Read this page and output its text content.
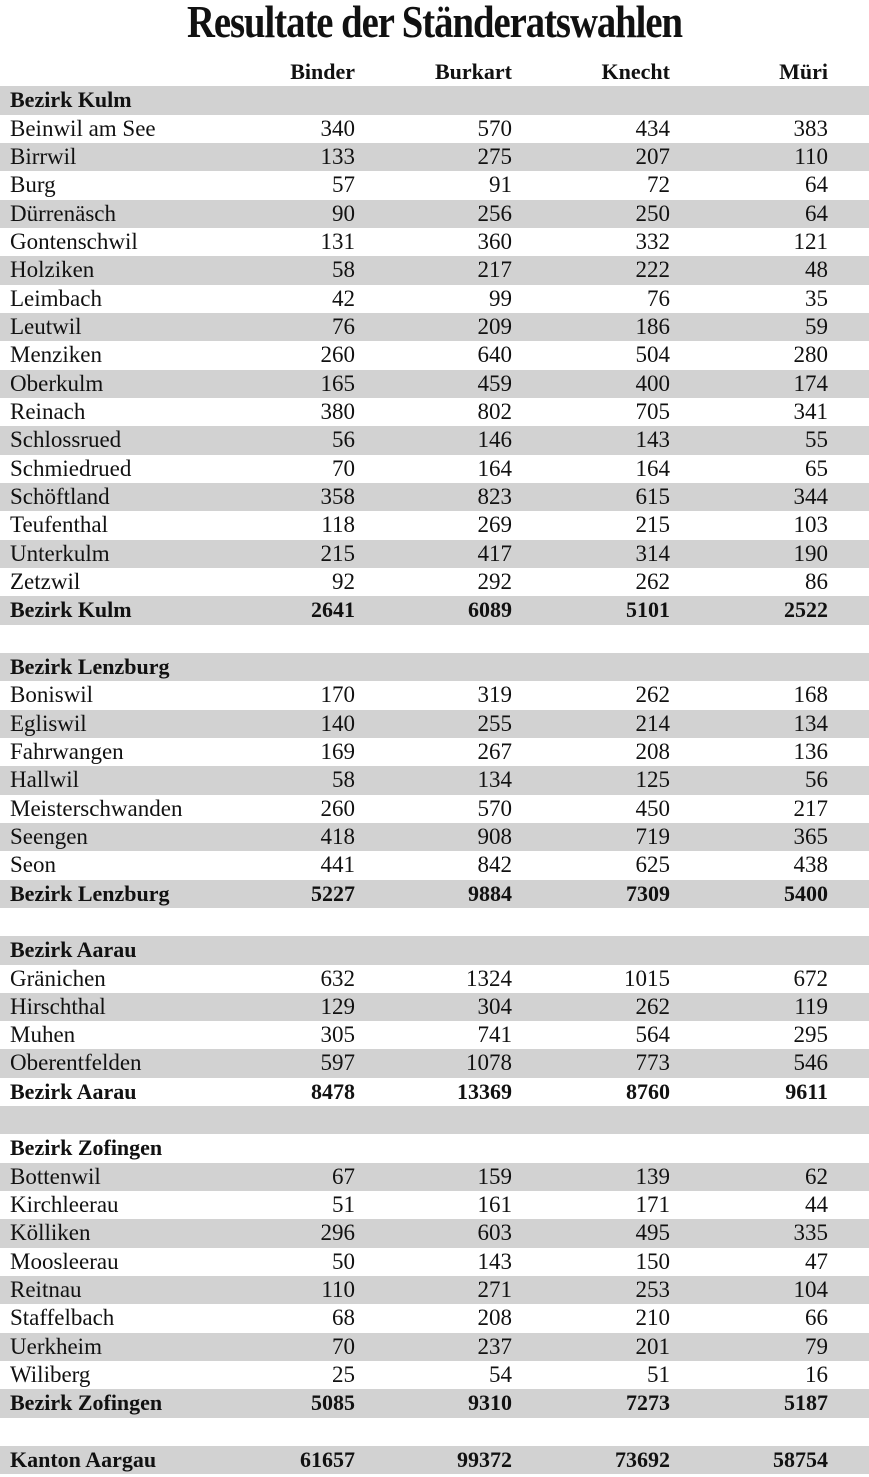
Resultate der Ständeratswahlen
Binder	Burkart	Knecht	Müri
Bezirk Kulm
Beinwil am See	340	570	434	383
Birrwil	133	275	207	110
Burg	57	91	72	64
Dürrenäsch	90	256	250	64
Gontenschwil	131	360	332	121
Holziken	58	217	222	48
Leimbach	42	99	76	35
Leutwil	76	209	186	59
Menziken	260	640	504	280
Oberkulm	165	459	400	174
Reinach	380	802	705	341
Schlossrued	56	146	143	55
Schmiedrued	70	164	164	65
Schöftland	358	823	615	344
Teufenthal	118	269	215	103
Unterkulm	215	417	314	190
Zetzwil	92	292	262	86
Bezirk Kulm	2641	6089	5101	2522
Bezirk Lenzburg
Boniswil	170	319	262	168
Egliswil	140	255	214	134
Fahrwangen	169	267	208	136
Hallwil	58	134	125	56
Meisterschwanden	260	570	450	217
Seengen	418	908	719	365
Seon	441	842	625	438
Bezirk Lenzburg	5227	9884	7309	5400
Bezirk Aarau
Gränichen	632	1324	1015	672
Hirschthal	129	304	262	119
Muhen	305	741	564	295
Oberentfelden	597	1078	773	546
Bezirk Aarau	8478	13369	8760	9611
Bezirk Zofingen
Bottenwil	67	159	139	62
Kirchleerau	51	161	171	44
Kölliken	296	603	495	335
Moosleerau	50	143	150	47
Reitnau	110	271	253	104
Staffelbach	68	208	210	66
Uerkheim	70	237	201	79
Wiliberg	25	54	51	16
Bezirk Zofingen	5085	9310	7273	5187
Kanton Aargau	61657	99372	73692	58754
